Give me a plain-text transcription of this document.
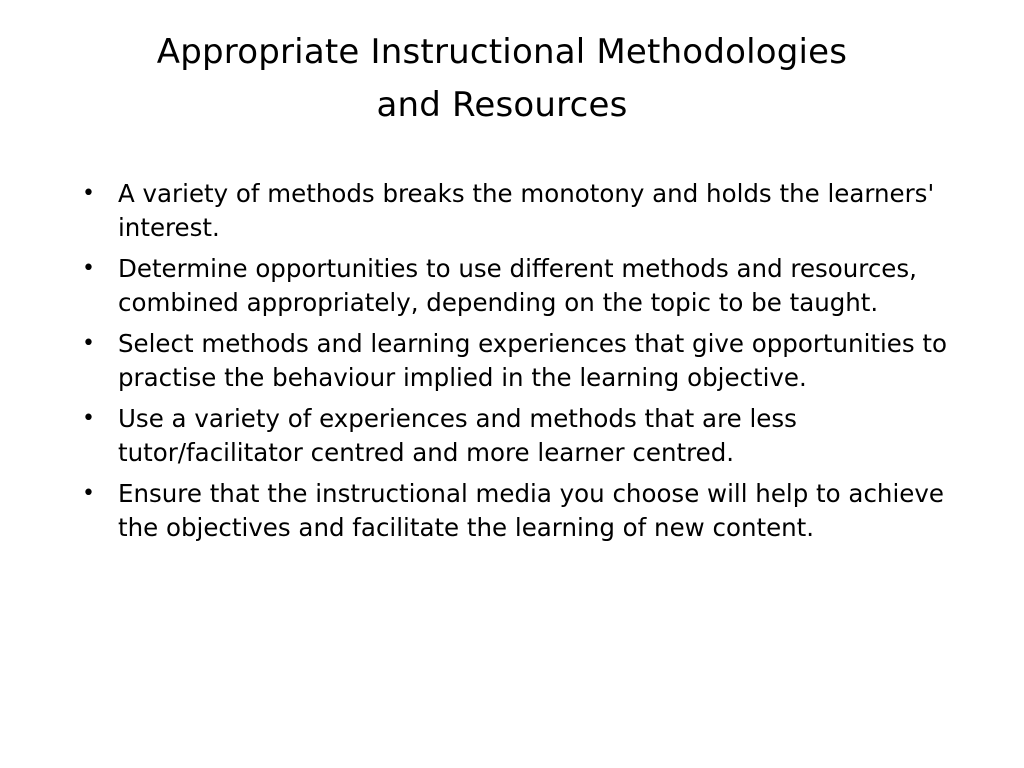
Appropriate Instructional Methodologies
and Resources
• A variety of methods breaks the monotony and holds the learners' interest.
• Determine opportunities to use different methods and resources, combined appropriately, depending on the topic to be taught.
• Select methods and learning experiences that give opportunities to practise the behaviour implied in the learning objective.
• Use a variety of experiences and methods that are less tutor/facilitator centred and more learner centred.
• Ensure that the instructional media you choose will help to achieve the objectives and facilitate the learning of new content.
